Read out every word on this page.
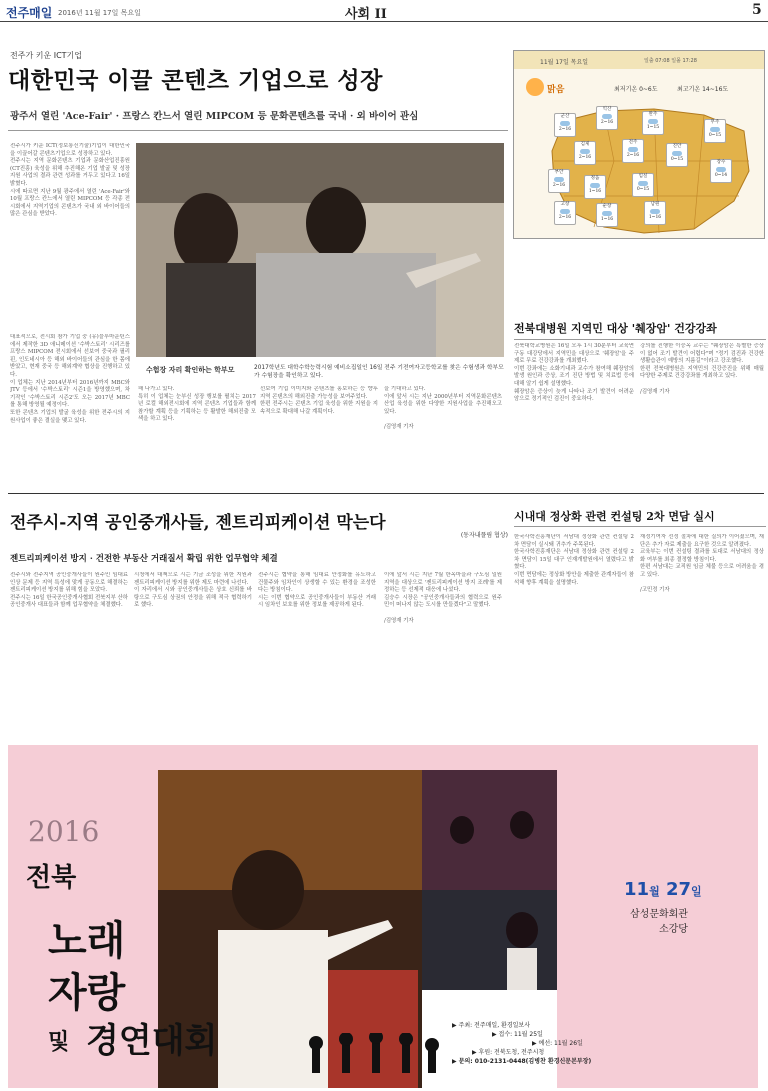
전주매일 2016년 11월 17일 목요일	사회 II	5
전주가 키운 ICT기업
대한민국 이끌 콘텐츠 기업으로 성장
광주서 열린 'Ace-Fair' · 프랑스 칸느서 열린 MIPCOM 등 문화콘텐츠를 국내 · 외 바이어 관심
전주시가 키운 ICT(정보통신기술)기업이 대한민국을 이끌어갈 콘텐츠기업으로 성장하고 있다.
전주시는 지역 문화콘텐츠 기업과 문화산업진흥원(CT진흥) 육성을 위해 추진해온 기업 발굴 및 성장 지원 사업의 결과 관련 성과를 거두고 있다고 16일 밝혔다.
시에 따르면 지난 9월 광주에서 열린 'Ace-Fair'와 10월 프랑스 칸느에서 열린 MIPCOM 등 각종 전시회에서 지역기업의 콘텐츠가 국내 외 바이어들의 많은 관심을 받았다.
대표적으로, 전시회 참가 기업 중 (유)블루마운틴스에서 제작한 3D 애니메이션 '수박스토리' 시리즈를 프랑스 MIPCOM 전시회에서 선보여 중국과 필리핀, 인도네시아 등 해외 바이어들의 관심을 한 몸에 받았고, 현재 중국 등 해외계약 협상을 진행하고 있다.
이 업체는 지난 2014년부터 2016년까지 MBC와 JTV 등에서 '수박스토리' 시즌1을 방영했으며, 차기작인 '수박스토리 시즌2'도 오는 2017년 MBC를 통해 방영될 예정이다.
또한 콘텐츠 기업의 발굴 육성을 위한 전주시의 지원사업이 좋은 결실을 맺고 있다.
수험장 자리 확인하는 학부모	2017학년도 대학수학능력시험 예비소집일인 16일 전주 기전여자고등학교를 찾은 수험생과 학부모가 수험장을 확인하고 있다.
해 나가고 있다.
특히 이 업체는 눈부신 성장 행보를 펼치는 2017년 로컬 해외전시회에 지역 콘텐츠 기업들과 함께 참가할 계획 등을 기획하는 등 활발한 해외진출 모색을 하고 있다.
선보여 기업 이미지와 콘텐츠를 홍보하는 등 향후 지역 콘텐츠의 해외진출 가능성을 보여주었다.
한편 전주시는 콘텐츠 기업 육성을 위한 지원을 지속적으로 확대해 나갈 계획이다.
을 기대하고 있다.
이에 앞서 시는 지난 2000년부터 지역문화콘텐츠 산업 육성을 위한 다양한 지원사업을 추진해오고 있다.

/김영재 기자
11월 17일 목요일	일출 07:08 일몰 17:28
맑음	최저기온 0~6도	최고기온 14~16도
군산
2~16
익산
2~16
완주
1~15
무주
0~15
김제
2~16
전주
2~16
진안
0~15
장수
0~14
부안
2~16
정읍
1~16
임실
0~15
고창
2~16
순창
1~16
남원
1~16
전북대병원 지역민 대상 '췌장암' 건강강좌
전북대학교병원은 16일 오후 1시 30분부터 교육연구동 대강당에서 지역민을 대상으로 '췌장암'을 주제로 무료 건강강좌를 개최했다.
이번 강좌에는 소화기내과 교수가 참여해 췌장암의 발생 원인과 증상, 조기 진단 방법 및 치료법 등에 대해 알기 쉽게 설명했다.
췌장암은 증상이 늦게 나타나 조기 발견이 어려운 암으로 정기적인 검진이 중요하다.
강의를 진행한 이승옥 교수는 "췌장암은 특별한 증상이 없어 조기 발견이 어렵다"며 "정기 검진과 건강한 생활습관이 예방의 지름길"이라고 강조했다.
한편 전북대병원은 지역민의 건강증진을 위해 매월 다양한 주제로 건강강좌를 개최하고 있다.

/김영재 기자
전주시-지역 공인중개사들, 젠트리피케이션 막는다
(동자내플림 협상)
젠트리피케이션 방지 · 건전한 부동산 거래질서 확립 위한 업무협약 체결
전주시와 전주지역 공인중개사들이 원주민 임대료 인상 문제 등 지역 특성에 맞게 공동으로 해결하는 젠트리피케이션 방지를 위해 힘을 모았다.
전주시는 16일 한국공인중개사협회 전북지부 산하 공인중개사 대표들과 함께 업무협약을 체결했다.
시청에서 대책으로 시는 기금 조성을 위한 지원과 젠트리피케이션 방지를 위한 제도 마련에 나선다.
이 자리에서 시와 공인중개사들은 상호 신뢰를 바탕으로 구도심 상권의 안정을 위해 적극 협력하기로 했다.
전주시는 협약을 통해 임대료 안정화를 유도하고 건물주와 임차인이 상생할 수 있는 환경을 조성한다는 방침이다.
시는 이번 협약으로 공인중개사들이 부동산 거래 시 임차인 보호를 위한 정보를 제공하게 된다.
이에 앞서 시는 지난 7월 한옥마을과 구도심 일원 지역을 대상으로 '젠트리피케이션 방지 조례'를 제정하는 등 선제적 대응에 나섰다.
김승수 시장은 "공인중개사들과의 협력으로 원주민이 떠나지 않는 도시를 만들겠다"고 말했다.

/김영재 기자
시내대 정상화 관련 컨설팅 2차 면담 실시
한국사학진흥재단이 서남대 정상화 관련 컨설팅 2차 면담이 실시돼 귀추가 주목된다.
한국사학진흥재단은 서남대 정상화 관련 컨설팅 2차 면담이 15일 대구 인재개발원에서 열렸다고 밝혔다.
이번 면담에는 정상화 방안을 제출한 관계자들이 참석해 향후 계획을 설명했다.
재정기여자 선정 절차에 대한 질의가 이어졌으며, 재단은 추가 자료 제출을 요구한 것으로 알려졌다.
교육부는 이번 컨설팅 결과를 토대로 서남대의 정상화 여부를 최종 결정할 방침이다.
한편 서남대는 교직원 임금 체불 등으로 어려움을 겪고 있다.

/고민정 기자
2016
전북
노래
자랑
및 경연대회
11월 27일
삼성문화회관
소강당
▶ 주최: 전주매일, 환경일보사
▶ 접수: 11월 25일
▶ 예선: 11월 26일
▶ 후원: 전북도청, 전주시청
▶ 문의: 010-2131-0448(김병찬 환경신문본부장)
